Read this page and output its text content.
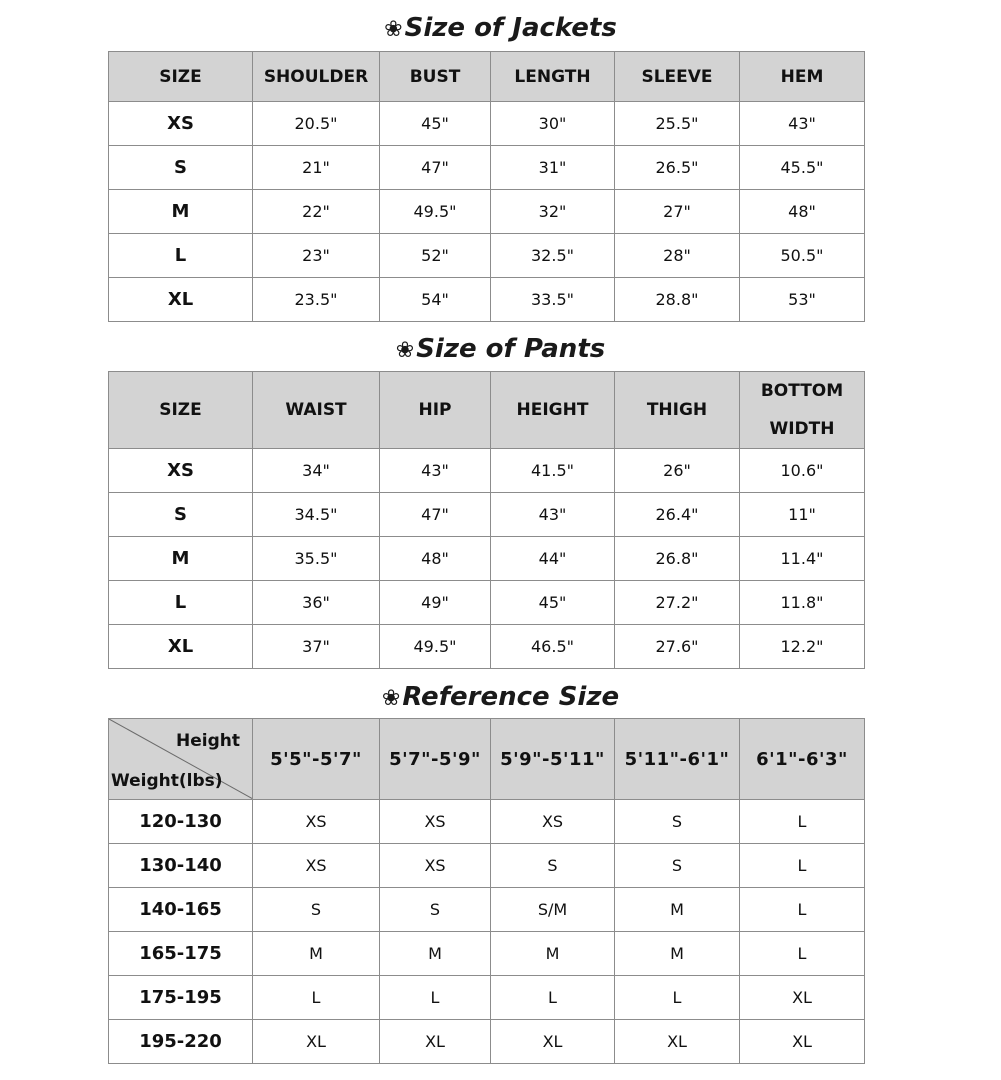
❀Size of Jackets
SIZE	SHOULDER	BUST	LENGTH	SLEEVE	HEM
XS	20.5"	45"	30"	25.5"	43"
S	21"	47"	31"	26.5"	45.5"
M	22"	49.5"	32"	27"	48"
L	23"	52"	32.5"	28"	50.5"
XL	23.5"	54"	33.5"	28.8"	53"
❀Size of Pants
SIZE	WAIST	HIP	HEIGHT	THIGH	BOTTOM
WIDTH
XS	34"	43"	41.5"	26"	10.6"
S	34.5"	47"	43"	26.4"	11"
M	35.5"	48"	44"	26.8"	11.4"
L	36"	49"	45"	27.2"	11.8"
XL	37"	49.5"	46.5"	27.6"	12.2"
❀Reference Size
Height
Weight(lbs)	5'5"-5'7"	5'7"-5'9"	5'9"-5'11"	5'11"-6'1"	6'1"-6'3"
120-130	XS	XS	XS	S	L
130-140	XS	XS	S	S	L
140-165	S	S	S/M	M	L
165-175	M	M	M	M	L
175-195	L	L	L	L	XL
195-220	XL	XL	XL	XL	XL
